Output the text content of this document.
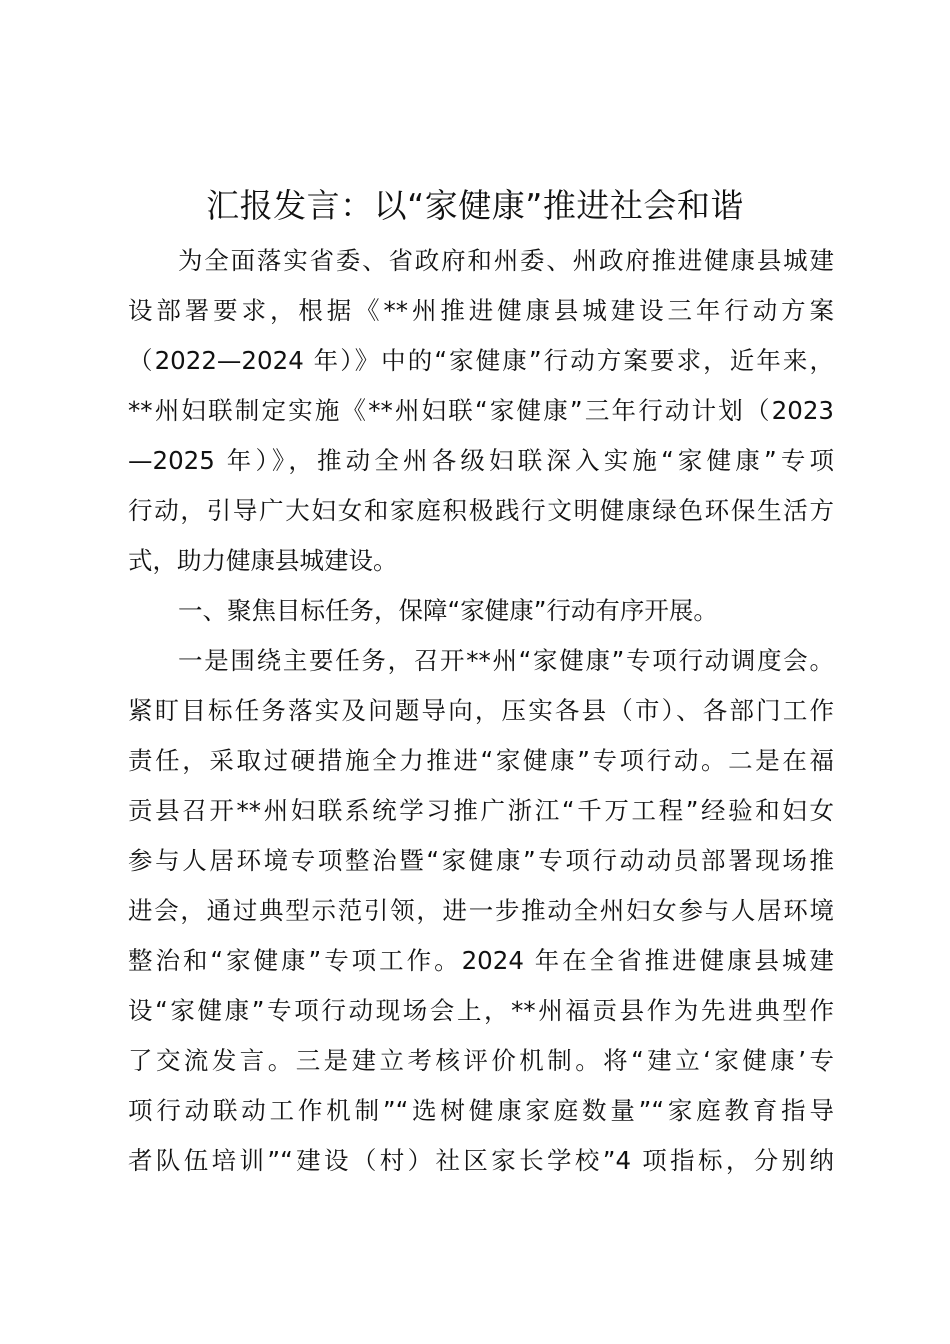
汇报发言：以“家健康”推进社会和谐
为全面落实省委、省政府和州委、州政府推进健康县城建
设部署要求，根据《**州推进健康县城建设三年行动方案
（2022—2024 年）》中的“家健康”行动方案要求，近年来，
**州妇联制定实施《**州妇联“家健康”三年行动计划（2023
—2025 年）》，推动全州各级妇联深入实施“家健康”专项
行动，引导广大妇女和家庭积极践行文明健康绿色环保生活方
式，助力健康县城建设。
一、聚焦目标任务，保障“家健康”行动有序开展。
一是围绕主要任务，召开**州“家健康”专项行动调度会。
紧盯目标任务落实及问题导向，压实各县（市）、各部门工作
责任，采取过硬措施全力推进“家健康”专项行动。二是在福
贡县召开**州妇联系统学习推广浙江“千万工程”经验和妇女
参与人居环境专项整治暨“家健康”专项行动动员部署现场推
进会，通过典型示范引领，进一步推动全州妇女参与人居环境
整治和“家健康”专项工作。2024 年在全省推进健康县城建
设“家健康”专项行动现场会上，**州福贡县作为先进典型作
了交流发言。三是建立考核评价机制。将“建立‘家健康’专
项行动联动工作机制”“选树健康家庭数量”“家庭教育指导
者队伍培训”“建设（村）社区家长学校”4 项指标，分别纳
